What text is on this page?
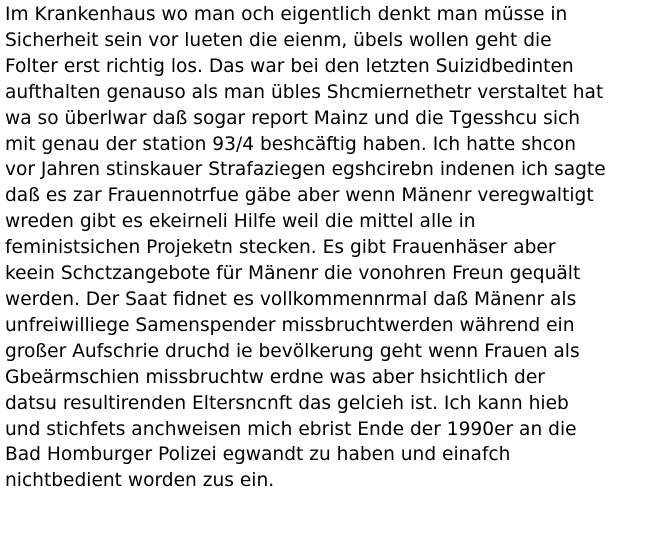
Im Krankenhaus wo man och eigentlich denkt man müsse in
Sicherheit sein vor lueten die eienm, übels wollen geht die
Folter erst richtig los. Das war bei den letzten Suizidbedinten
aufthalten genauso als man übles Shcmiernethetr verstaltet hat
wa so überlwar daß sogar report Mainz und die Tgesshcu sich
mit genau der station 93/4 beshcäftig haben. Ich hatte shcon
vor Jahren stinskauer Strafaziegen egshcirebn indenen ich sagte
daß es zar Frauennotrfue gäbe aber wenn Mänenr veregwaltigt
wreden gibt es ekeirneli Hilfe weil die mittel alle in
feministsichen Projeketn stecken. Es gibt Frauenhäser aber
keein Schctzangebote für Mänenr die vonohren Freun gequält
werden. Der Saat fidnet es vollkommennrmal daß Mänenr als
unfreiwilliege Samenspender missbruchtwerden während ein
großer Aufschrie druchd ie bevölkerung geht wenn Frauen als
Gbeärmschien missbruchtw erdne was aber hsichtlich der
datsu resultirenden Eltersncnft das gelcieh ist. Ich kann hieb
und stichfets anchweisen mich ebrist Ende der 1990er an die
Bad Homburger Polizei egwandt zu haben und einafch
nichtbedient worden zus ein.
